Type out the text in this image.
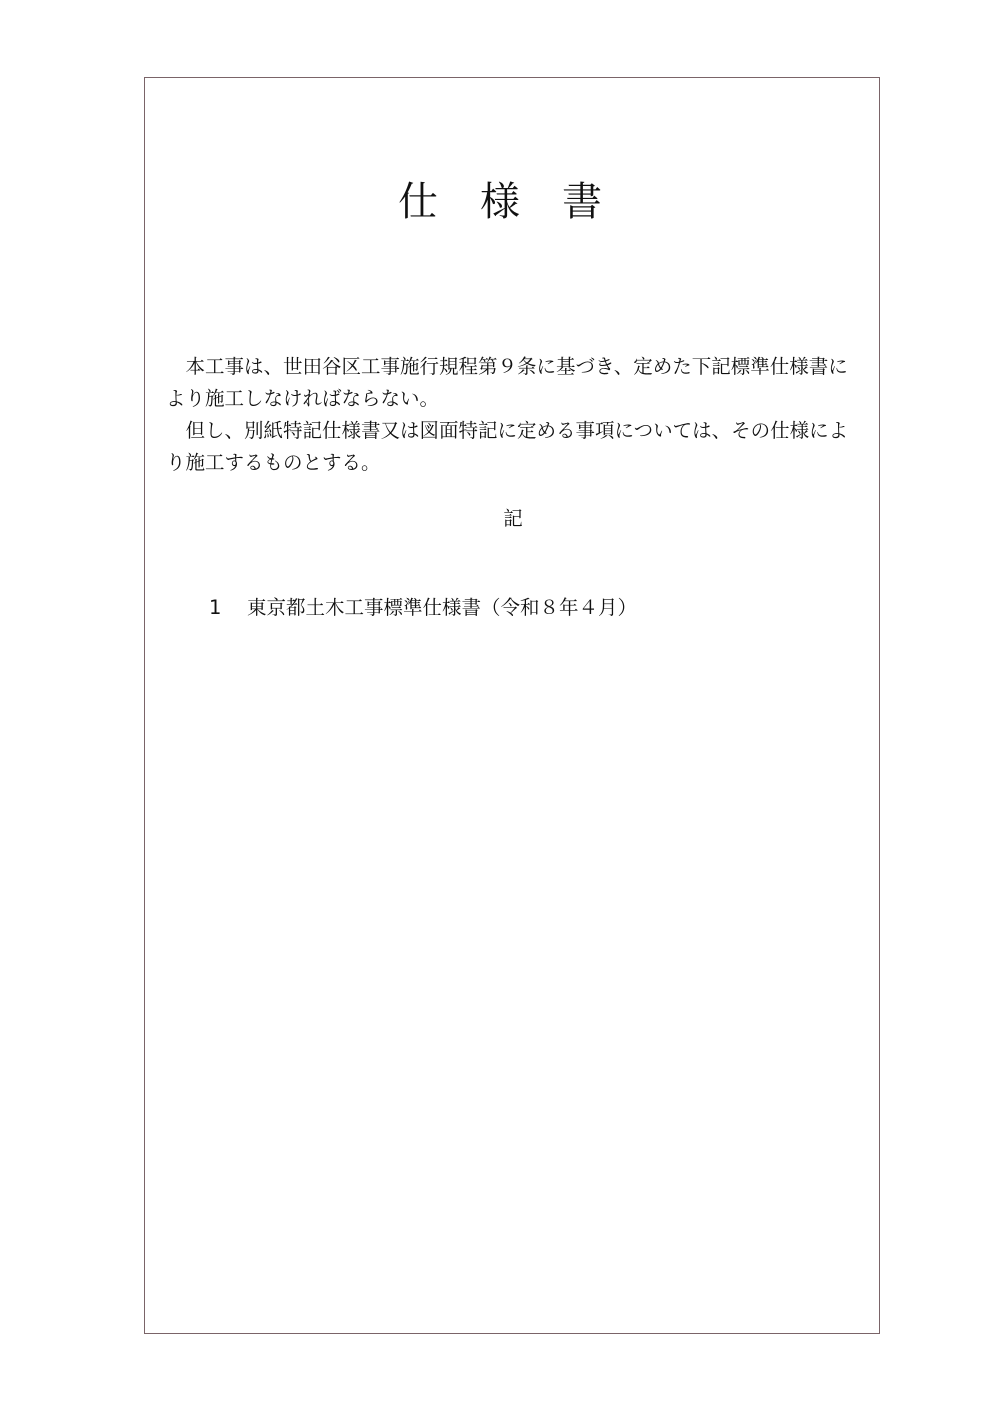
仕様書

本工事は、世田谷区工事施行規程第９条に基づき、定めた下記標準仕様書により施工しなければならない。

但し、別紙特記仕様書又は図面特記に定める事項については、その仕様により施工するものとする。

記
1 東京都土木工事標準仕様書（令和８年４月）
